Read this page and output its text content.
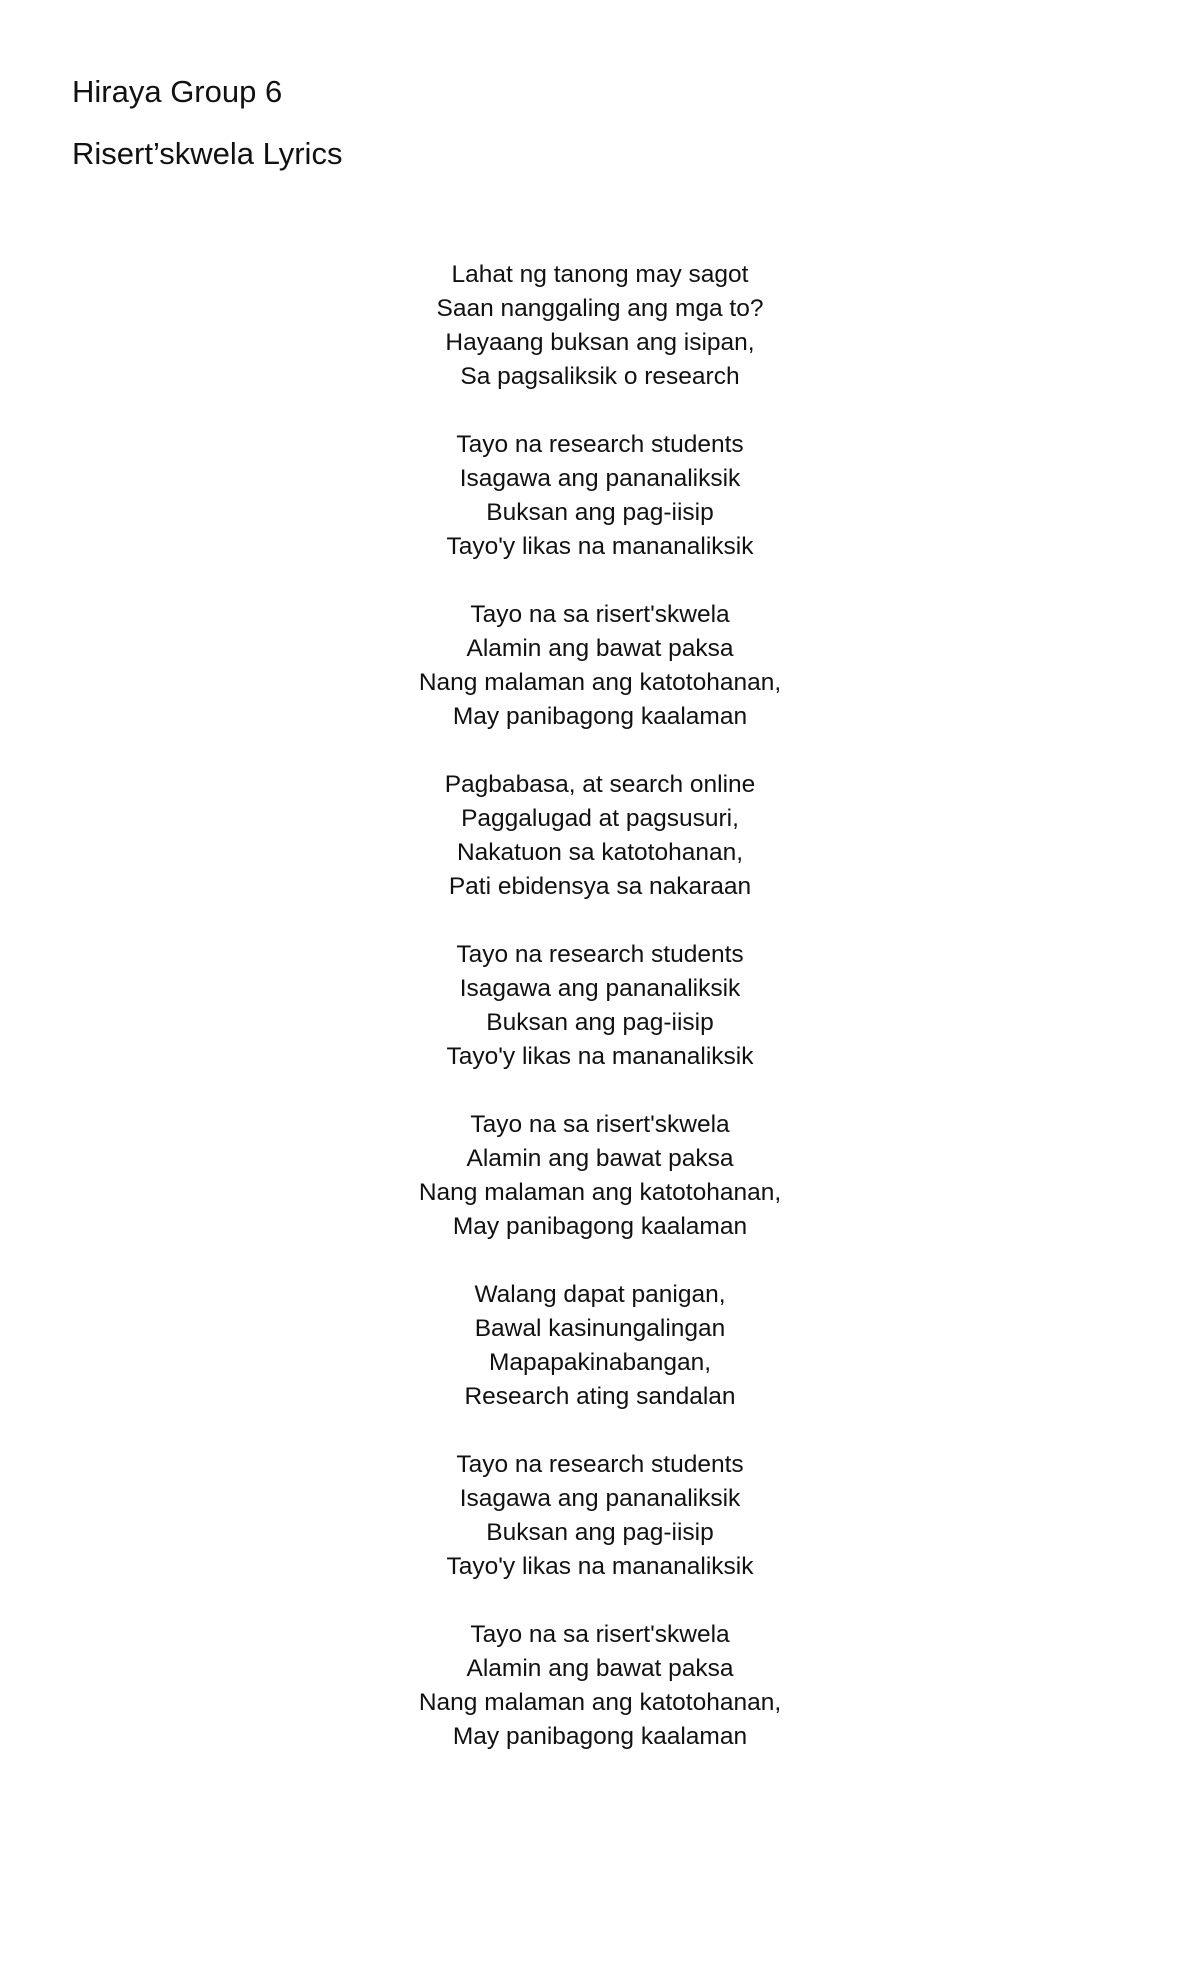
Hiraya Group 6
Risert’skwela Lyrics
Lahat ng tanong may sagot
Saan nanggaling ang mga to?
Hayaang buksan ang isipan,
Sa pagsaliksik o research
Tayo na research students
Isagawa ang pananaliksik
Buksan ang pag-iisip
Tayo'y likas na mananaliksik
Tayo na sa risert'skwela
Alamin ang bawat paksa
Nang malaman ang katotohanan,
May panibagong kaalaman
Pagbabasa, at search online
Paggalugad at pagsusuri,
Nakatuon sa katotohanan,
Pati ebidensya sa nakaraan
Tayo na research students
Isagawa ang pananaliksik
Buksan ang pag-iisip
Tayo'y likas na mananaliksik
Tayo na sa risert'skwela
Alamin ang bawat paksa
Nang malaman ang katotohanan,
May panibagong kaalaman
Walang dapat panigan,
Bawal kasinungalingan
Mapapakinabangan,
Research ating sandalan
Tayo na research students
Isagawa ang pananaliksik
Buksan ang pag-iisip
Tayo'y likas na mananaliksik
Tayo na sa risert'skwela
Alamin ang bawat paksa
Nang malaman ang katotohanan,
May panibagong kaalaman
